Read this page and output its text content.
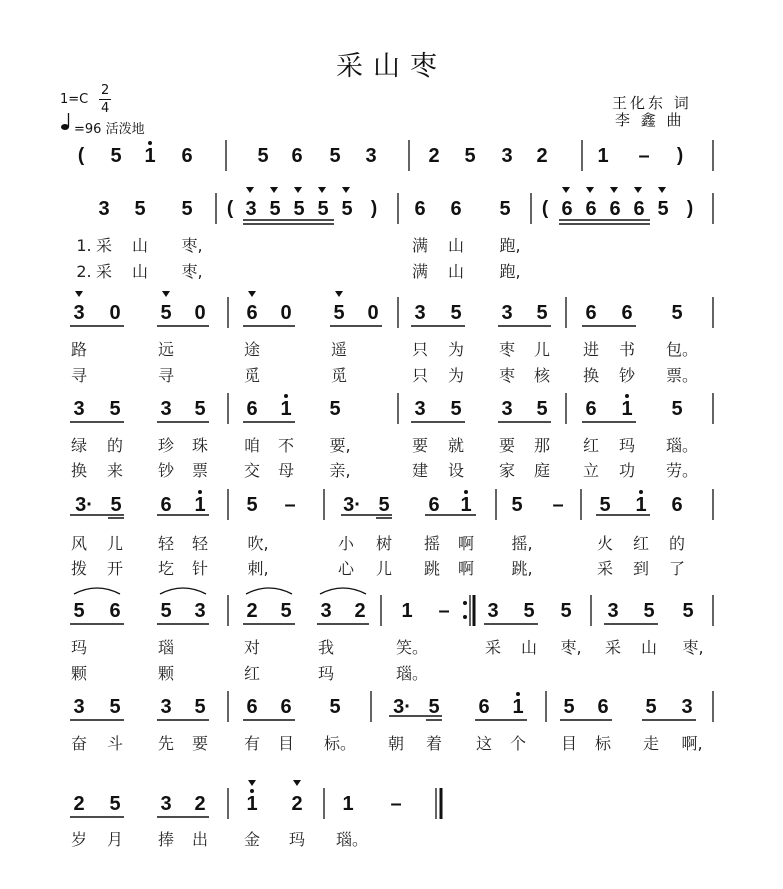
采山枣
1=C
2
4
=96 活泼地
王化东 词
李 鑫 曲
( 5 1 6	5 6 5 3	2 5 3 2 1 – )
3 5 5 ( 3 5 5 5 5 ) 6 6 5 ( 6 6 6 6 5 )
1. 采 山 枣,	满 山 跑,
2. 采 山 枣,	满 山 跑,
3 0 5 0 6 0 5 0 3 5 3 5 6 6 5
路	远	途	遥	只 为 枣 儿 进 书 包。
寻	寻	觅	觅	只 为 枣 核 换 钞 票。
3 5 3 5 6 1 5	3 5 3 5 6 1 5
绿 的 珍 珠 咱 不 要,	要 就 要 那 红 玛 瑙。
换 来 钞 票 交 母 亲,	建 设 家 庭 立 功 劳。
3· 5 6 1 5 – 3· 5 6 1 5 – 5 1 6
风 儿 轻 轻 吹,	小 树 摇 啊 摇,	火 红 的
拨 开 圪 针 刺,	心 儿 跳 啊 跳,	采 到 了
5 6 5 3 2 5 3 2 1 – 3 5 5 3 5 5
玛	瑙	对	我	笑。	采 山 枣, 采 山 枣,
颗	颗	红	玛	瑙。
3 5 3 5 6 6 5	3· 5 6 1 5 6 5 3
奋 斗 先 要 有 目 标。 朝 着 这 个 目 标 走 啊,
2 5 3 2 1 2 1 –
岁 月 捧 出 金 玛 瑙。
